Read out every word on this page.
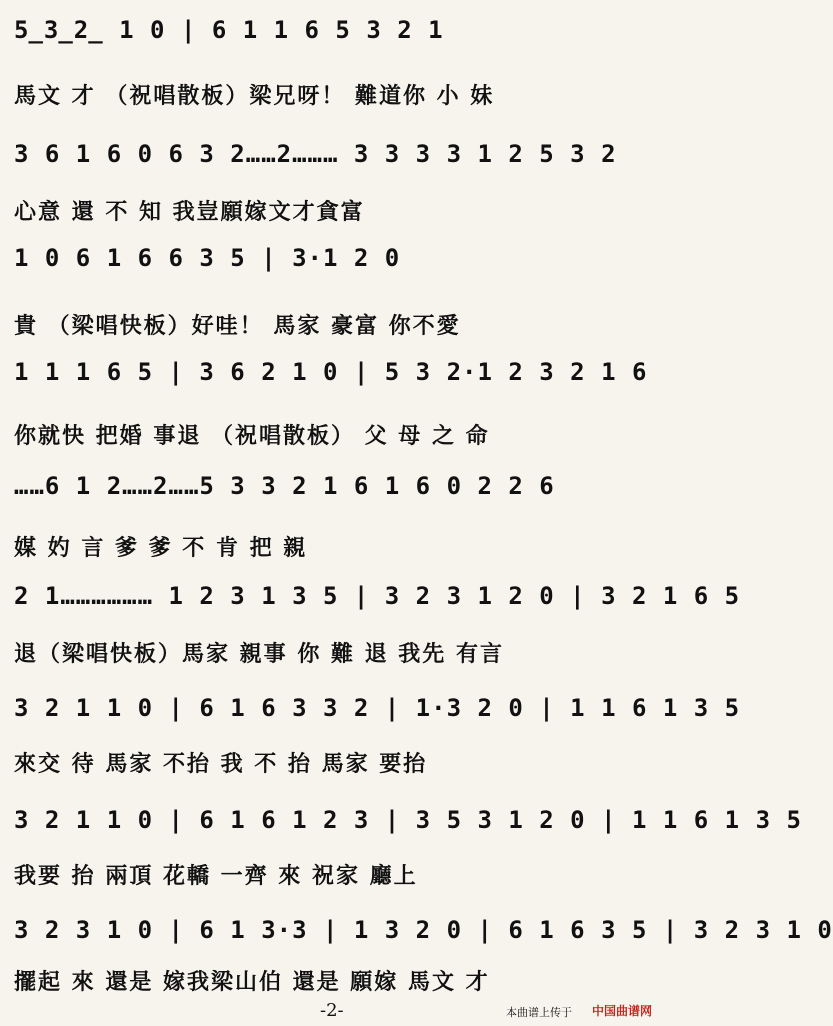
5̲3̲2̲ 1 0 | 6 1 1 6 5 3 2 1
馬文 才 （祝唱散板）梁兄呀！ 難道你 小 妹
3 6 1 6 0 6 3 2……2……… 3 3 3 3 1 2 5 3 2
心意 還 不 知 我豈願嫁文才貪富
1 0 6 1 6 6 3 5 | 3·1 2 0
貴 （梁唱快板）好哇！ 馬家 豪富 你不愛
1 1 1 6 5 | 3 6 2 1 0 | 5 3 2·1 2 3 2 1 6
你就快 把婚 事退 （祝唱散板） 父 母 之 命
……6 1 2……2……5 3 3 2 1 6 1 6 0 2 2 6
媒 妁 言 爹 爹 不 肯 把 親
2 1……………… 1 2 3 1 3 5 | 3 2 3 1 2 0 | 3 2 1 6 5
退（梁唱快板）馬家 親事 你 難 退 我先 有言
3 2 1 1 0 | 6 1 6 3 3 2 | 1·3 2 0 | 1 1 6 1 3 5
來交 待 馬家 不抬 我 不 抬 馬家 要抬
3 2 1 1 0 | 6 1 6 1 2 3 | 3 5 3 1 2 0 | 1 1 6 1 3 5
我要 抬 兩頂 花轎 一齊 來 祝家 廳上
3 2 3 1 0 | 6 1 3·3 | 1 3 2 0 | 6 1 6 3 5 | 3 2 3 1 0
擺起 來 還是 嫁我梁山伯 還是 願嫁 馬文 才
-2-	本曲谱上传于 中国曲谱网
